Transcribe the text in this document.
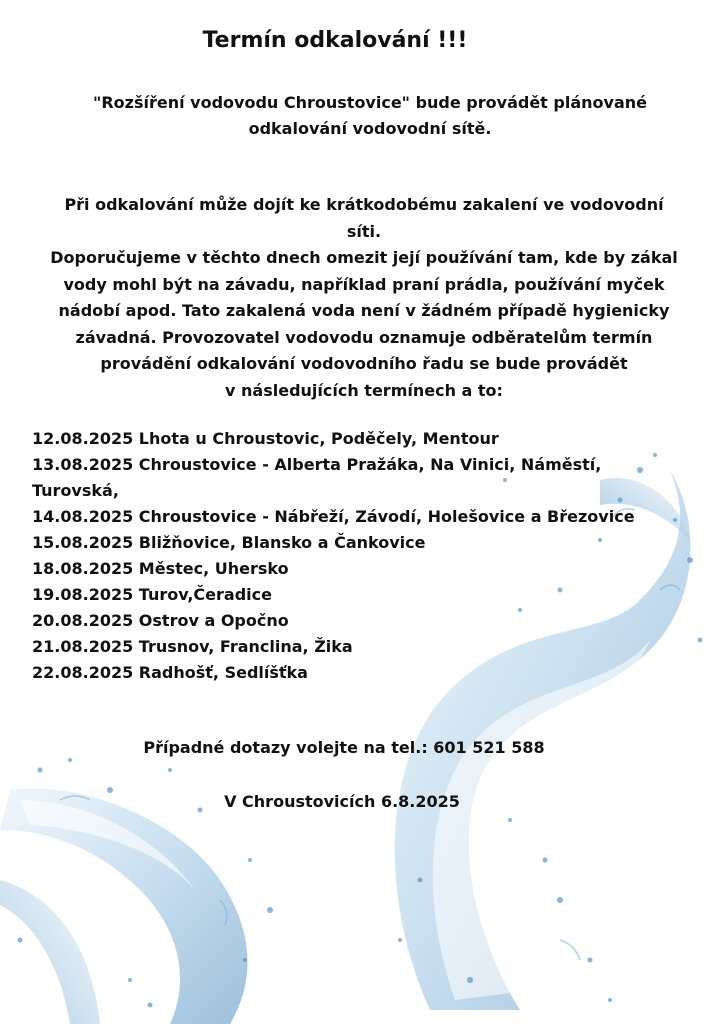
Termín odkalování !!!

"Rozšíření vodovodu Chroustovice" bude provádět plánované
odkalování vodovodní sítě.

Při odkalování může dojít ke krátkodobému zakalení ve vodovodní
síti.
Doporučujeme v těchto dnech omezit její používání tam, kde by zákal
vody mohl být na závadu, například praní prádla, používání myček
nádobí apod. Tato zakalená voda není v žádném případě hygienicky
závadná. Provozovatel vodovodu oznamuje odběratelům termín
provádění odkalování vodovodního řadu se bude provádět
v následujících termínech a to:

12.08.2025 Lhota u Chroustovic, Poděčely, Mentour
13.08.2025 Chroustovice - Alberta Pražáka, Na Vinici, Náměstí, Turovská,
14.08.2025 Chroustovice - Nábřeží, Závodí, Holešovice a Březovice
15.08.2025 Bližňovice, Blansko a Čankovice
18.08.2025 Městec, Uhersko
19.08.2025 Turov,Čeradice
20.08.2025 Ostrov a Opočno
21.08.2025 Trusnov, Franclina, Žika
22.08.2025 Radhošť, Sedlíšťka

Případné dotazy volejte na tel.: 601 521 588

V Chroustovicích 6.8.2025
